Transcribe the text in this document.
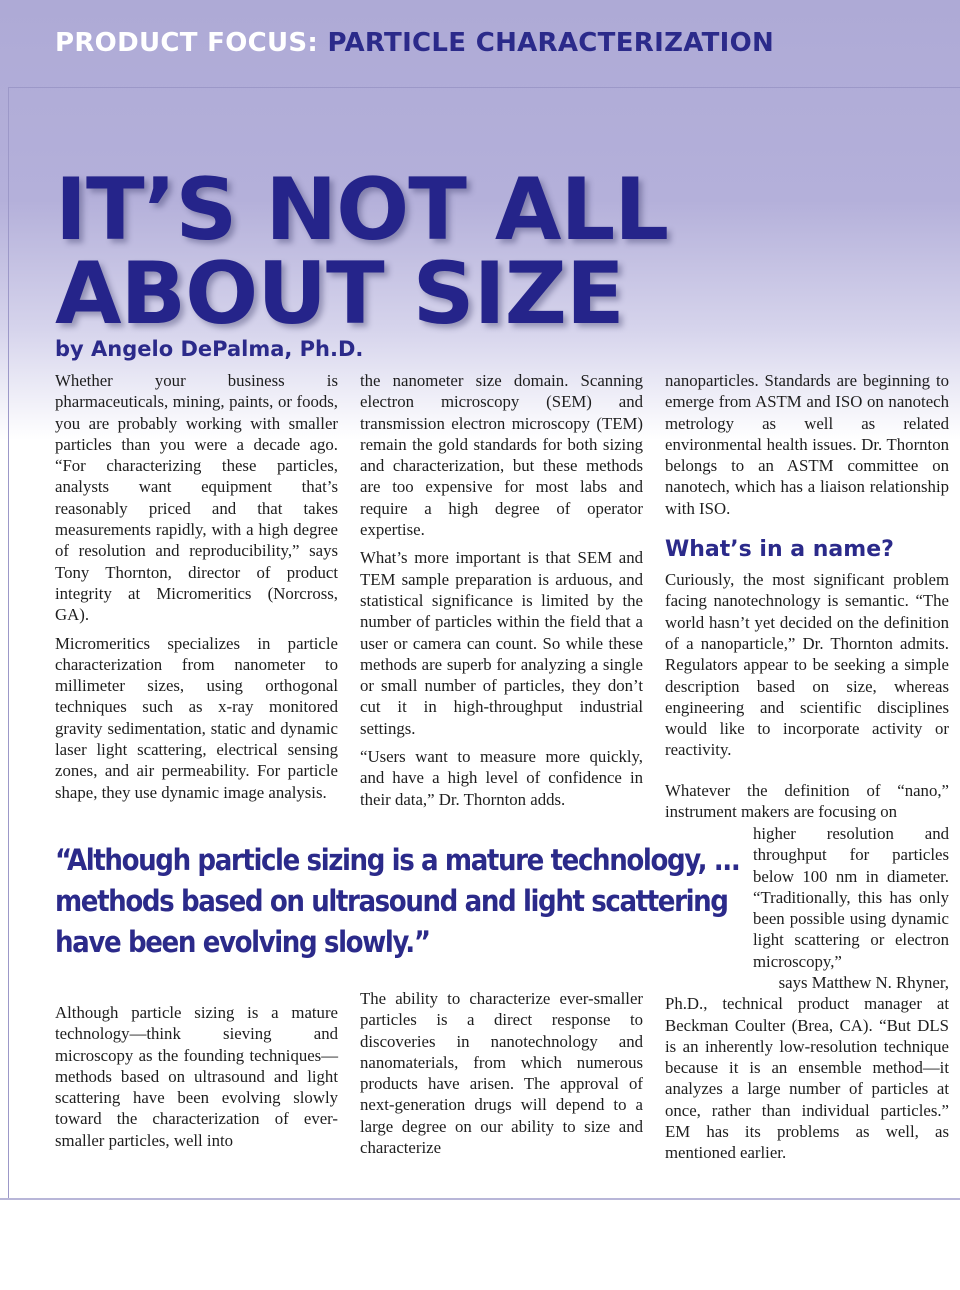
PRODUCT FOCUS: PARTICLE CHARACTERIZATION
IT’S NOT ALL
ABOUT SIZE
by Angelo DePalma, Ph.D.

Whether your business is pharmaceuticals, mining, paints, or foods, you are probably working with smaller particles than you were a decade ago. “For characterizing these particles, analysts want equipment that’s reasonably priced and that takes measurements rapidly, with a high degree of resolution and reproducibility,” says Tony Thornton, director of product integrity at Micromeritics (Norcross, GA).

Micromeritics specializes in particle characterization from nanometer to millimeter sizes, using orthogonal techniques such as x-ray monitored gravity sedimentation, static and dynamic laser light scattering, electrical sensing zones, and air permeability. For particle shape, they use dynamic image analysis.

the nanometer size domain. Scanning electron microscopy (SEM) and transmission electron microscopy (TEM) remain the gold standards for both sizing and characterization, but these methods are too expensive for most labs and require a high degree of operator expertise.

What’s more important is that SEM and TEM sample preparation is arduous, and statistical significance is limited by the number of particles within the field that a user or camera can count. So while these methods are superb for analyzing a single or small number of particles, they don’t cut it in high-throughput industrial settings.

“Users want to measure more quickly, and have a high level of confidence in their data,” Dr. Thornton adds.

nanoparticles. Standards are beginning to emerge from ASTM and ISO on nanotech metrology as well as related environmental health issues. Dr. Thornton belongs to an ASTM committee on nanotech, which has a liaison relationship with ISO.

What’s in a name?

Curiously, the most significant problem facing nanotechnology is semantic. “The world hasn’t yet decided on the definition of a nanoparticle,” Dr. Thornton admits. Regulators appear to be seeking a simple description based on size, whereas engineering and scientific disciplines would like to incorporate activity or reactivity.

Whatever the definition of “nano,” instrument makers are focusing on

higher resolution and throughput for particles below 100 nm in diameter. “Traditionally, this has only been possible using dynamic light scattering or electron microscopy,”

says Matthew N. Rhyner,

Ph.D., technical product manager at Beckman Coulter (Brea, CA). “But DLS is an inherently low-resolution technique because it is an ensemble method—it analyzes a large number of particles at once, rather than individual particles.” EM has its problems as well, as mentioned earlier.

“Although particle sizing is a mature technology, ...
methods based on ultrasound and light scattering
have been evolving slowly.”

Although particle sizing is a mature technology—think sieving and microscopy as the founding techniques—methods based on ultrasound and light scattering have been evolving slowly toward the characterization of ever-smaller particles, well into

The ability to characterize ever-smaller particles is a direct response to discoveries in nanotechnology and nanomaterials, from which numerous products have arisen. The approval of next-generation drugs will depend to a large degree on our ability to size and characterize
